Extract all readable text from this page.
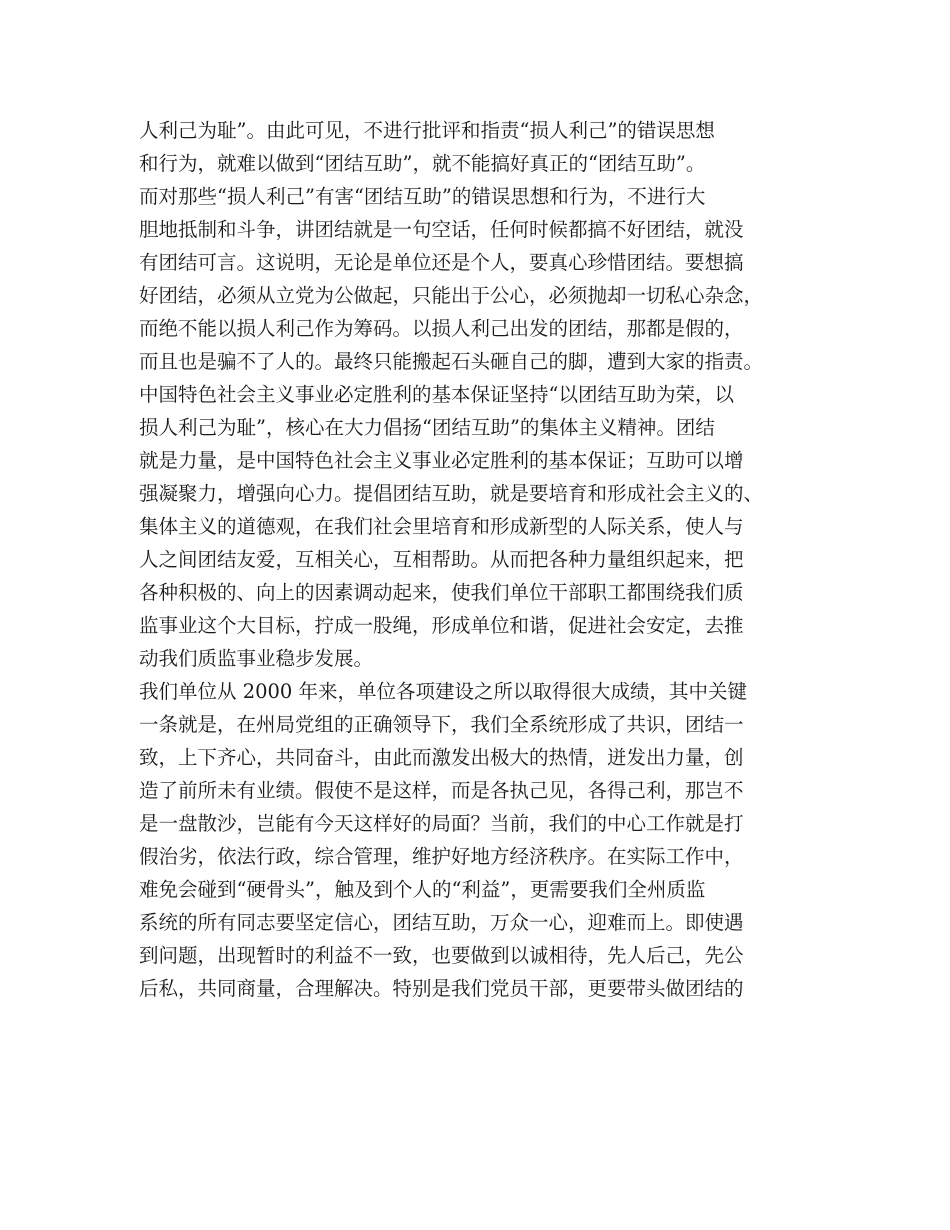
人利己为耻”。由此可见，不进行批评和指责“损人利己”的错误思想
和行为，就难以做到“团结互助”，就不能搞好真正的“团结互助”。
而对那些“损人利己”有害“团结互助”的错误思想和行为，不进行大
胆地抵制和斗争，讲团结就是一句空话，任何时候都搞不好团结，就没
有团结可言。这说明，无论是单位还是个人，要真心珍惜团结。要想搞
好团结，必须从立党为公做起，只能出于公心，必须抛却一切私心杂念，
而绝不能以损人利己作为筹码。以损人利己出发的团结，那都是假的，
而且也是骗不了人的。最终只能搬起石头砸自己的脚，遭到大家的指责。
中国特色社会主义事业必定胜利的基本保证坚持“以团结互助为荣，以
损人利己为耻”，核心在大力倡扬“团结互助”的集体主义精神。团结
就是力量，是中国特色社会主义事业必定胜利的基本保证；互助可以增
强凝聚力，增强向心力。提倡团结互助，就是要培育和形成社会主义的、
集体主义的道德观，在我们社会里培育和形成新型的人际关系，使人与
人之间团结友爱，互相关心，互相帮助。从而把各种力量组织起来，把
各种积极的、向上的因素调动起来，使我们单位干部职工都围绕我们质
监事业这个大目标，拧成一股绳，形成单位和谐，促进社会安定，去推
动我们质监事业稳步发展。
我们单位从 2000 年来，单位各项建设之所以取得很大成绩，其中关键
一条就是，在州局党组的正确领导下，我们全系统形成了共识，团结一
致，上下齐心，共同奋斗，由此而激发出极大的热情，迸发出力量，创
造了前所未有业绩。假使不是这样，而是各执己见，各得己利，那岂不
是一盘散沙，岂能有今天这样好的局面？当前，我们的中心工作就是打
假治劣，依法行政，综合管理，维护好地方经济秩序。在实际工作中，
难免会碰到“硬骨头”，触及到个人的“利益”，更需要我们全州质监
系统的所有同志要坚定信心，团结互助，万众一心，迎难而上。即使遇
到问题，出现暂时的利益不一致，也要做到以诚相待，先人后己，先公
后私，共同商量，合理解决。特别是我们党员干部，更要带头做团结的
